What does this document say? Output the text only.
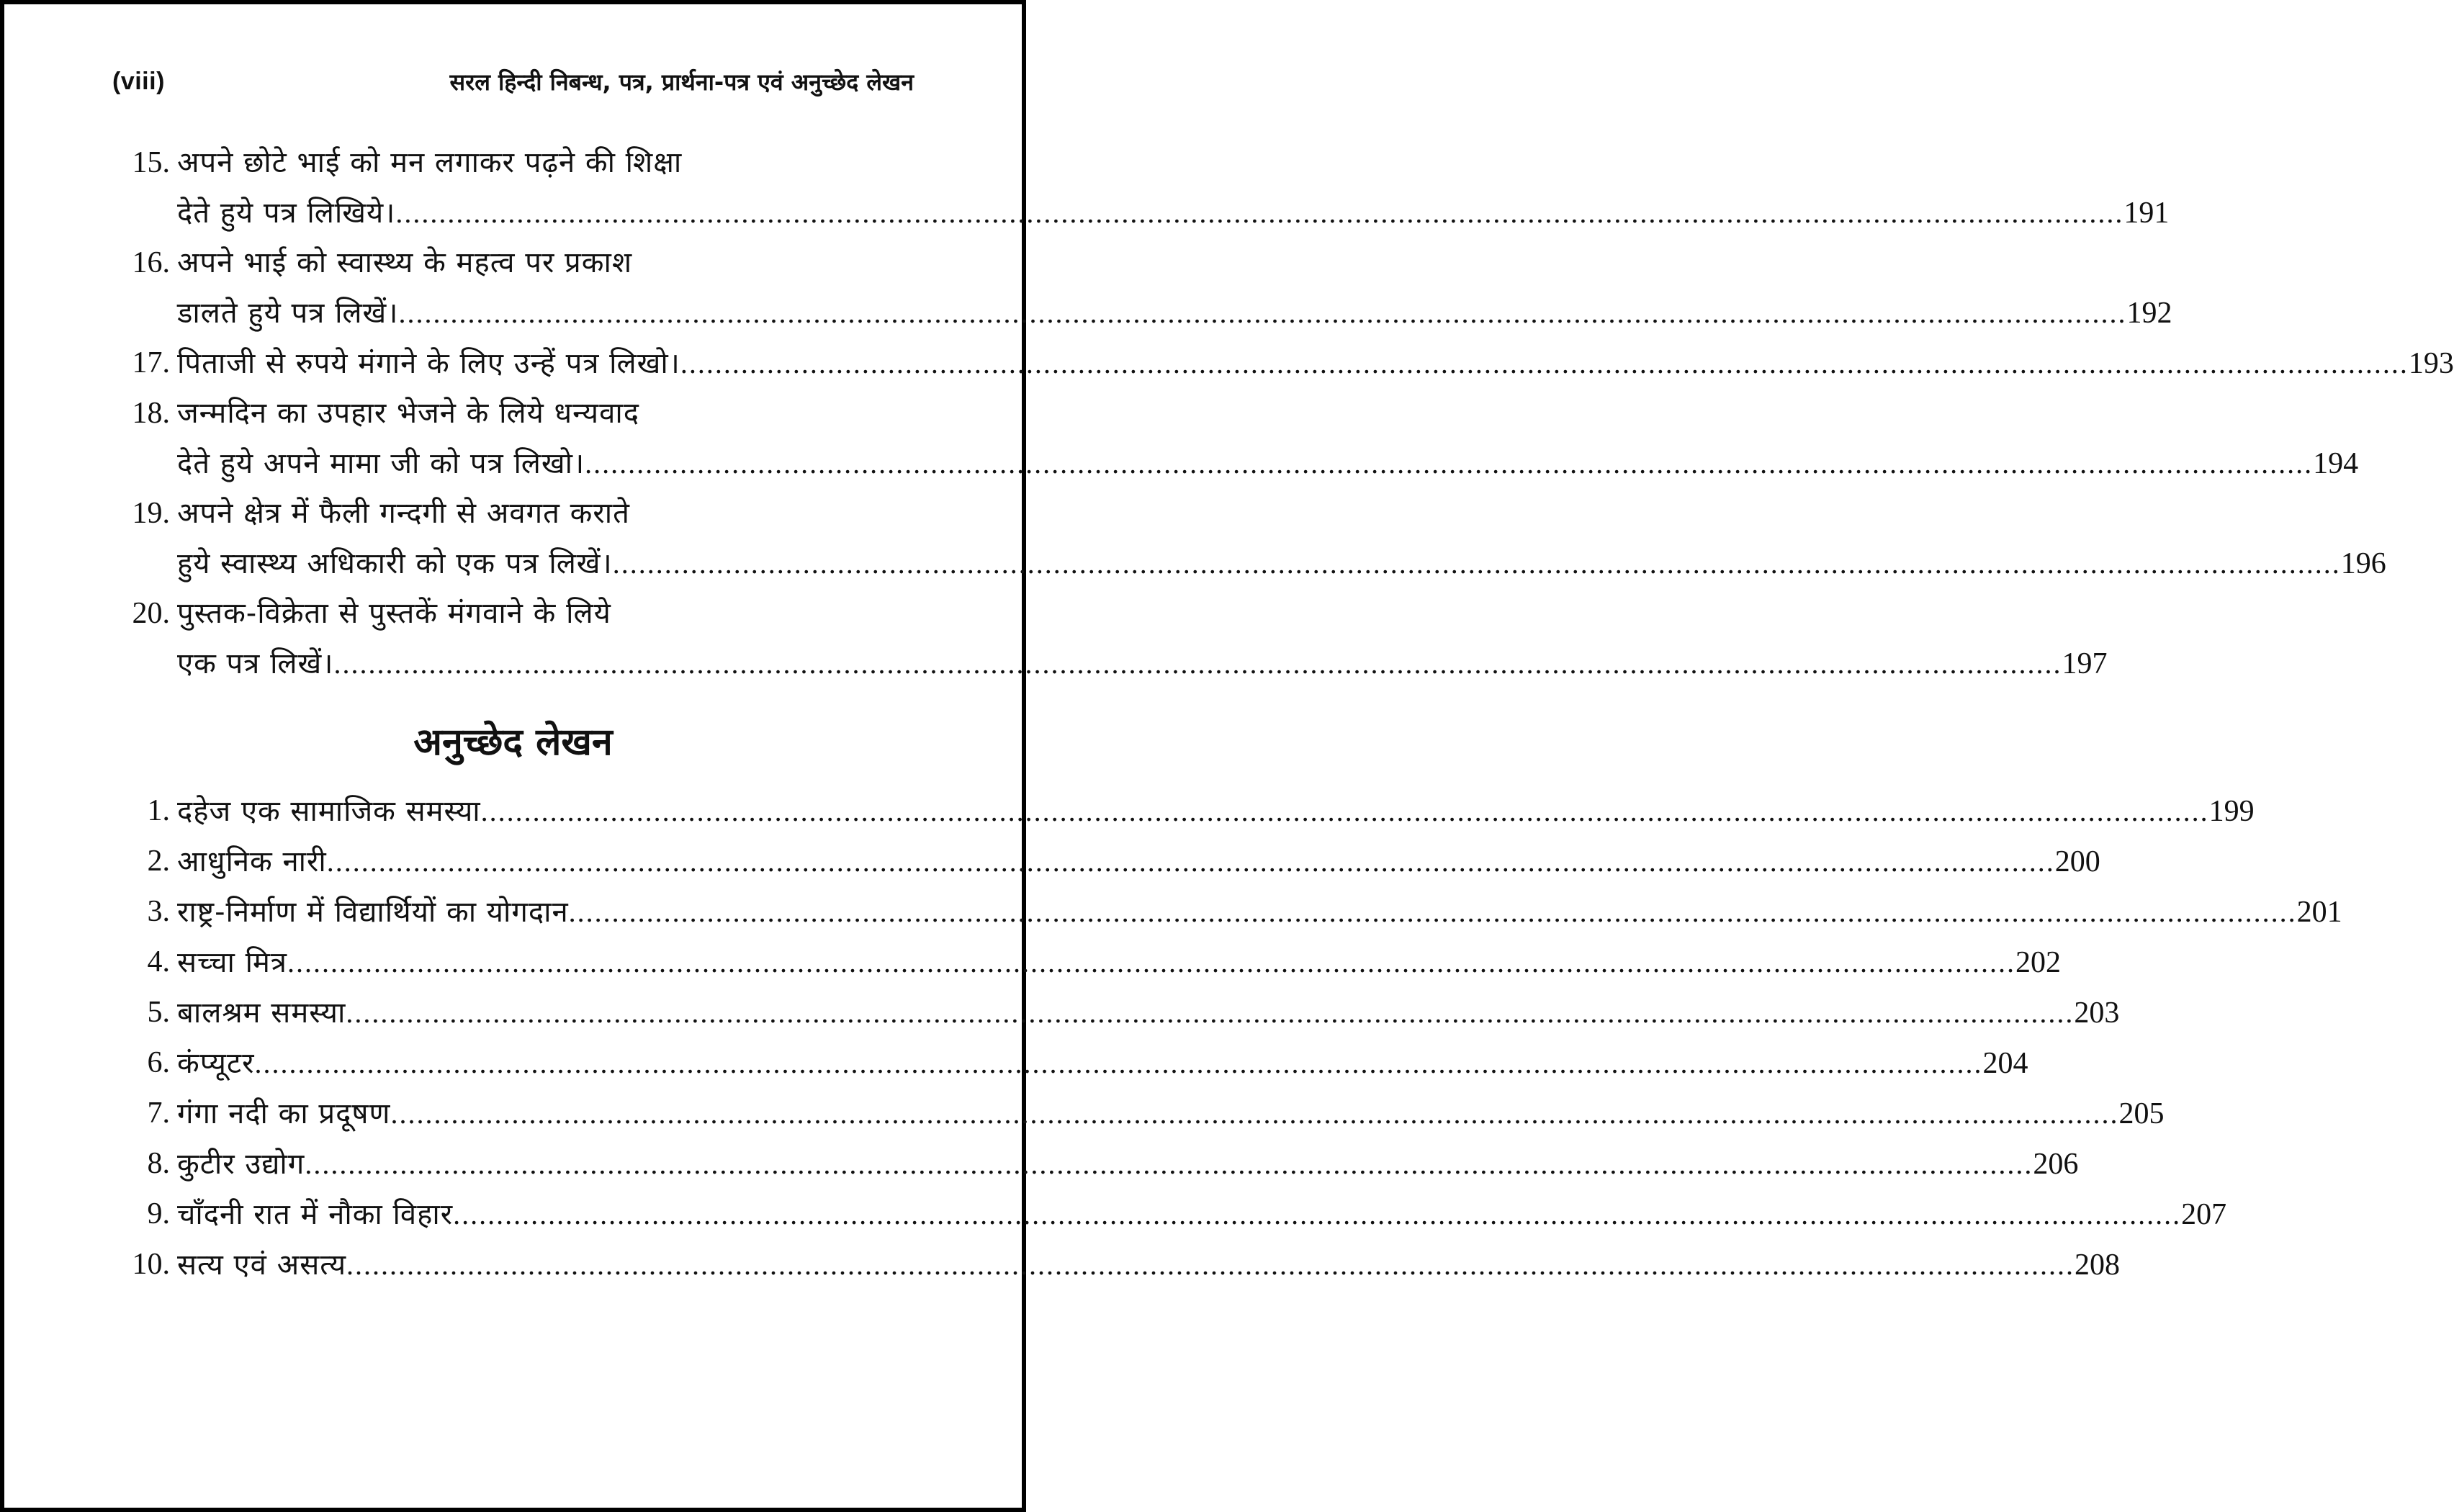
(viii)	सरल हिन्दी निबन्ध, पत्र, प्रार्थना-पत्र एवं अनुच्छेद लेखन
15. अपने छोटे भाई को मन लगाकर पढ़ने की शिक्षा
देते हुये पत्र लिखिये। ........................................................................................................................................................................................................ 191
16. अपने भाई को स्वास्थ्य के महत्व पर प्रकाश
डालते हुये पत्र लिखें। ........................................................................................................................................................................................................ 192
17. पिताजी से रुपये मंगाने के लिए उन्हें पत्र लिखो। ........................................................................................................................................................................................................ 193
18. जन्मदिन का उपहार भेजने के लिये धन्यवाद
देते हुये अपने मामा जी को पत्र लिखो। ........................................................................................................................................................................................................ 194
19. अपने क्षेत्र में फैली गन्दगी से अवगत कराते
हुये स्वास्थ्य अधिकारी को एक पत्र लिखें। ........................................................................................................................................................................................................ 196
20. पुस्तक-विक्रेता से पुस्तकें मंगवाने के लिये
एक पत्र लिखें। ........................................................................................................................................................................................................ 197
अनुच्छेद लेखन
1. दहेज एक सामाजिक समस्या ........................................................................................................................................................................................................ 199
2. आधुनिक नारी ........................................................................................................................................................................................................ 200
3. राष्ट्र-निर्माण में विद्यार्थियों का योगदान ........................................................................................................................................................................................................ 201
4. सच्चा मित्र ........................................................................................................................................................................................................ 202
5. बालश्रम समस्या ........................................................................................................................................................................................................ 203
6. कंप्यूटर ........................................................................................................................................................................................................ 204
7. गंगा नदी का प्रदूषण ........................................................................................................................................................................................................ 205
8. कुटीर उद्योग ........................................................................................................................................................................................................ 206
9. चाँदनी रात में नौका विहार ........................................................................................................................................................................................................ 207
10. सत्य एवं असत्य ........................................................................................................................................................................................................ 208
